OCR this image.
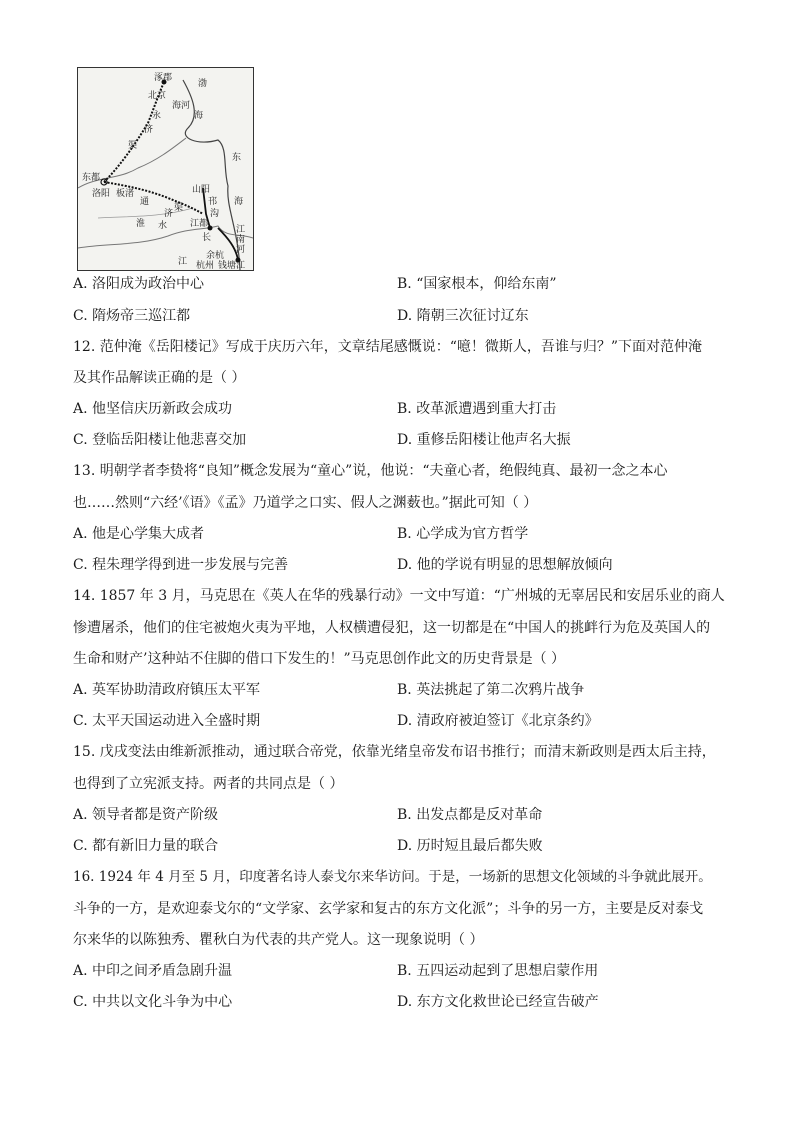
涿郡
北京
海河
渤
永
济
渠
海
东
海
东都
洛阳 板渚
通
济
渠
淮 水
山阳
邗
沟
江都
长
江
江
南
河
余杭
杭州 钱塘江
A. 洛阳成为政治中心	B. “国家根本，仰给东南”
C. 隋炀帝三巡江都	D. 隋朝三次征讨辽东
12. 范仲淹《岳阳楼记》写成于庆历六年，文章结尾感慨说：“噫！微斯人，吾谁与归？”下面对范仲淹
及其作品解读正确的是（ ）
A. 他坚信庆历新政会成功	B. 改革派遭遇到重大打击
C. 登临岳阳楼让他悲喜交加	D. 重修岳阳楼让他声名大振
13. 明朝学者李贽将“良知”概念发展为“童心”说，他说：“夫童心者，绝假纯真、最初一念之本心
也……然则“六经’《语》《孟》乃道学之口实、假人之渊薮也。”据此可知（ ）
A. 他是心学集大成者	B. 心学成为官方哲学
C. 程朱理学得到进一步发展与完善	D. 他的学说有明显的思想解放倾向
14. 1857 年 3 月，马克思在《英人在华的残暴行动》一文中写道：“广州城的无辜居民和安居乐业的商人
惨遭屠杀，他们的住宅被炮火夷为平地，人权横遭侵犯，这一切都是在“中国人的挑衅行为危及英国人的
生命和财产’这种站不住脚的借口下发生的！”马克思创作此文的历史背景是（ ）
A. 英军协助清政府镇压太平军	B. 英法挑起了第二次鸦片战争
C. 太平天国运动进入全盛时期	D. 清政府被迫签订《北京条约》
15. 戊戌变法由维新派推动，通过联合帝党，依靠光绪皇帝发布诏书推行；而清末新政则是西太后主持，
也得到了立宪派支持。两者的共同点是（ ）
A. 领导者都是资产阶级	B. 出发点都是反对革命
C. 都有新旧力量的联合	D. 历时短且最后都失败
16. 1924 年 4 月至 5 月，印度著名诗人泰戈尔来华访问。于是，一场新的思想文化领域的斗争就此展开。
斗争的一方，是欢迎泰戈尔的“文学家、玄学家和复古的东方文化派”；斗争的另一方，主要是反对泰戈
尔来华的以陈独秀、瞿秋白为代表的共产党人。这一现象说明（ ）
A. 中印之间矛盾急剧升温	B. 五四运动起到了思想启蒙作用
C. 中共以文化斗争为中心	D. 东方文化救世论已经宣告破产
